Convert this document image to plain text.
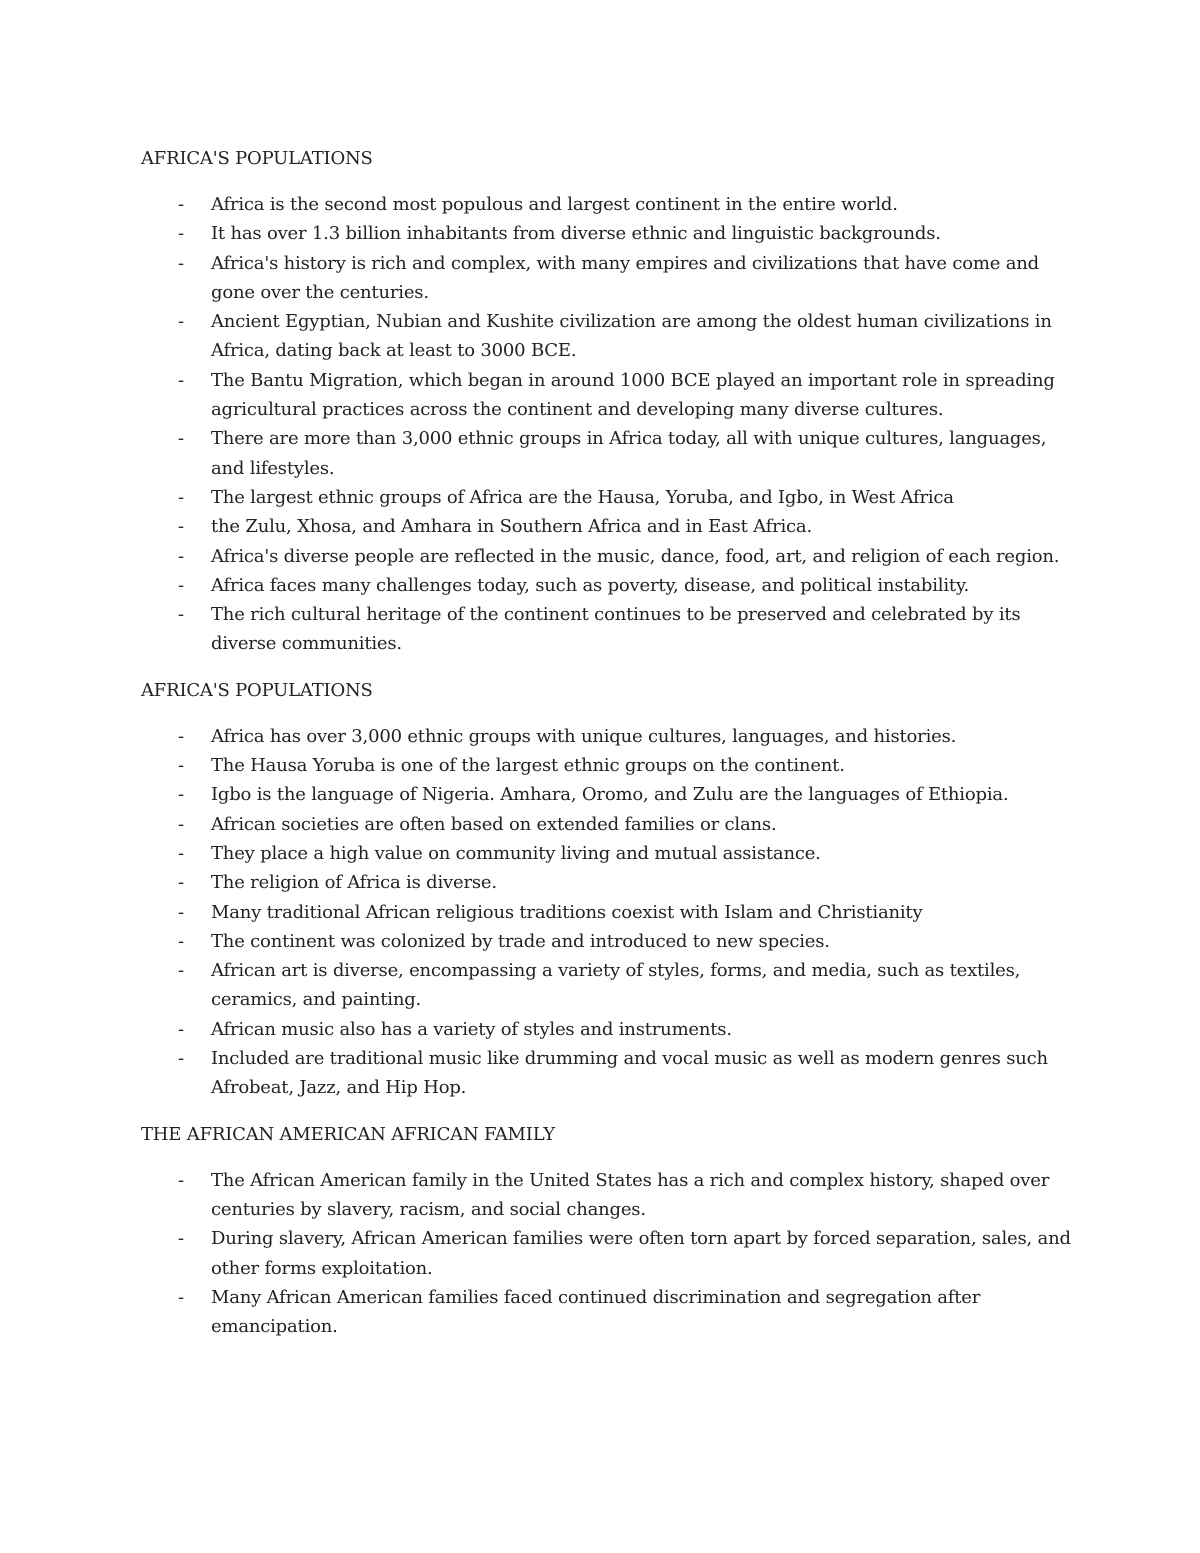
AFRICA'S POPULATIONS
- Africa is the second most populous and largest continent in the entire world.
- It has over 1.3 billion inhabitants from diverse ethnic and linguistic backgrounds.
- Africa's history is rich and complex, with many empires and civilizations that have come and gone over the centuries.
- Ancient Egyptian, Nubian and Kushite civilization are among the oldest human civilizations in Africa, dating back at least to 3000 BCE.
- The Bantu Migration, which began in around 1000 BCE played an important role in spreading agricultural practices across the continent and developing many diverse cultures.
- There are more than 3,000 ethnic groups in Africa today, all with unique cultures, languages, and lifestyles.
- The largest ethnic groups of Africa are the Hausa, Yoruba, and Igbo, in West Africa
- the Zulu, Xhosa, and Amhara in Southern Africa and in East Africa.
- Africa's diverse people are reflected in the music, dance, food, art, and religion of each region.
- Africa faces many challenges today, such as poverty, disease, and political instability.
- The rich cultural heritage of the continent continues to be preserved and celebrated by its diverse communities.
AFRICA'S POPULATIONS
- Africa has over 3,000 ethnic groups with unique cultures, languages, and histories.
- The Hausa Yoruba is one of the largest ethnic groups on the continent.
- Igbo is the language of Nigeria. Amhara, Oromo, and Zulu are the languages of Ethiopia.
- African societies are often based on extended families or clans.
- They place a high value on community living and mutual assistance.
- The religion of Africa is diverse.
- Many traditional African religious traditions coexist with Islam and Christianity
- The continent was colonized by trade and introduced to new species.
- African art is diverse, encompassing a variety of styles, forms, and media, such as textiles, ceramics, and painting.
- African music also has a variety of styles and instruments.
- Included are traditional music like drumming and vocal music as well as modern genres such Afrobeat, Jazz, and Hip Hop.
THE AFRICAN AMERICAN AFRICAN FAMILY
- The African American family in the United States has a rich and complex history, shaped over centuries by slavery, racism, and social changes.
- During slavery, African American families were often torn apart by forced separation, sales, and other forms exploitation.
- Many African American families faced continued discrimination and segregation after emancipation.
